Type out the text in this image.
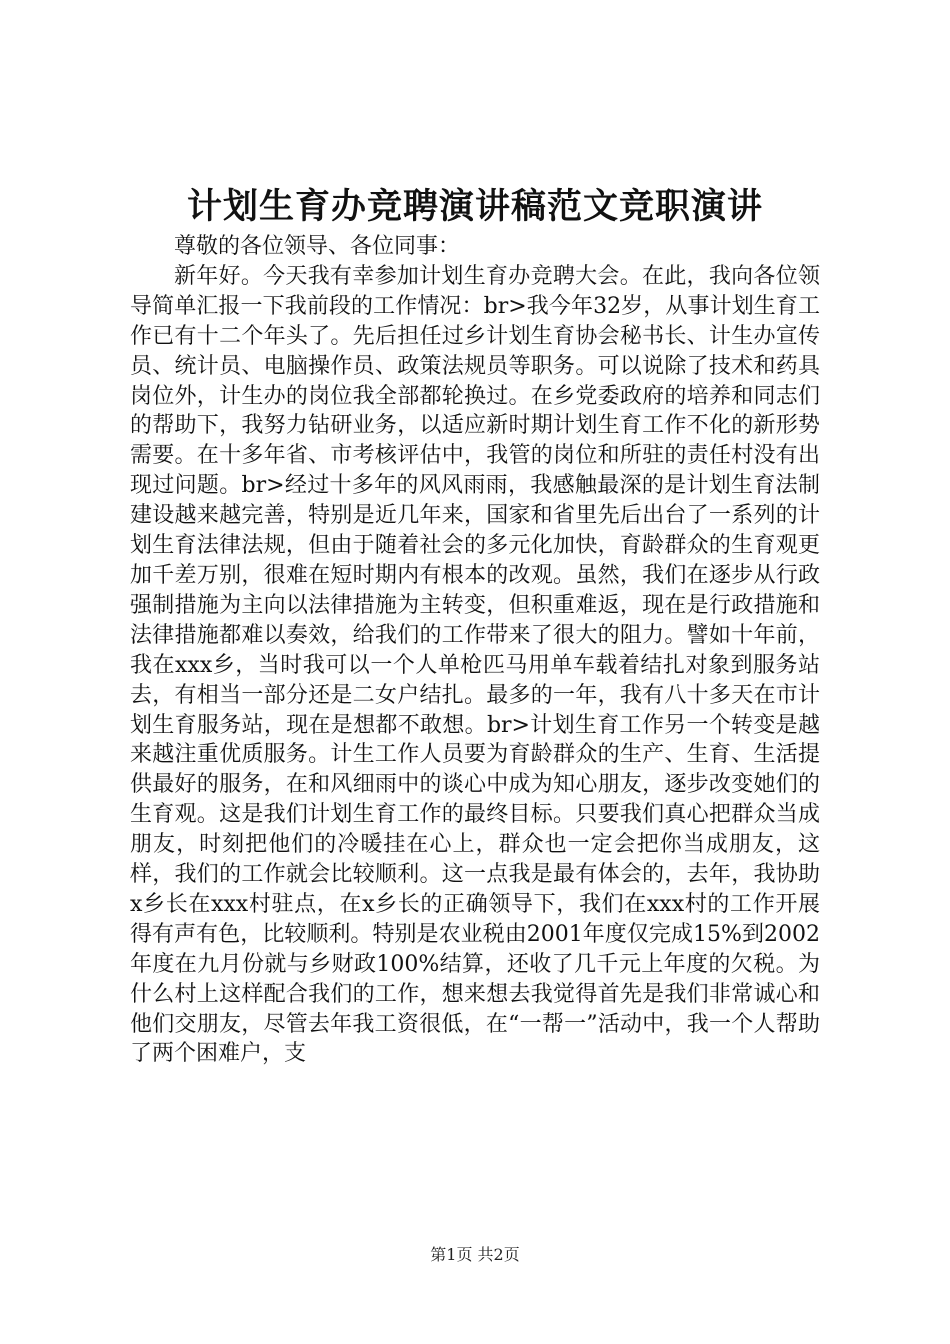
计划生育办竞聘演讲稿范文竞职演讲

尊敬的各位领导、各位同事：

新年好。今天我有幸参加计划生育办竞聘大会。在此，我向各位领导简单汇报一下我前段的工作情况：br>我今年32岁，从事计划生育工作已有十二个年头了。先后担任过乡计划生育协会秘书长、计生办宣传员、统计员、电脑操作员、政策法规员等职务。可以说除了技术和药具岗位外，计生办的岗位我全部都轮换过。在乡党委政府的培养和同志们的帮助下，我努力钻研业务，以适应新时期计划生育工作不化的新形势需要。在十多年省、市考核评估中，我管的岗位和所驻的责任村没有出现过问题。br>经过十多年的风风雨雨，我感触最深的是计划生育法制建设越来越完善，特别是近几年来，国家和省里先后出台了一系列的计划生育法律法规，但由于随着社会的多元化加快，育龄群众的生育观更加千差万别，很难在短时期内有根本的改观。虽然，我们在逐步从行政强制措施为主向以法律措施为主转变，但积重难返，现在是行政措施和法律措施都难以奏效，给我们的工作带来了很大的阻力。譬如十年前，我在xxx乡，当时我可以一个人单枪匹马用单车载着结扎对象到服务站去，有相当一部分还是二女户结扎。最多的一年，我有八十多天在市计划生育服务站，现在是想都不敢想。br>计划生育工作另一个转变是越来越注重优质服务。计生工作人员要为育龄群众的生产、生育、生活提供最好的服务，在和风细雨中的谈心中成为知心朋友，逐步改变她们的生育观。这是我们计划生育工作的最终目标。只要我们真心把群众当成朋友，时刻把他们的冷暖挂在心上，群众也一定会把你当成朋友，这样，我们的工作就会比较顺利。这一点我是最有体会的，去年，我协助x乡长在xxx村驻点，在x乡长的正确领导下，我们在xxx村的工作开展得有声有色，比较顺利。特别是农业税由2001年度仅完成15%到2002年度在九月份就与乡财政100%结算，还收了几千元上年度的欠税。为什么村上这样配合我们的工作，想来想去我觉得首先是我们非常诚心和他们交朋友，尽管去年我工资很低，在“一帮一”活动中，我一个人帮助了两个困难户，支

第1页 共2页
